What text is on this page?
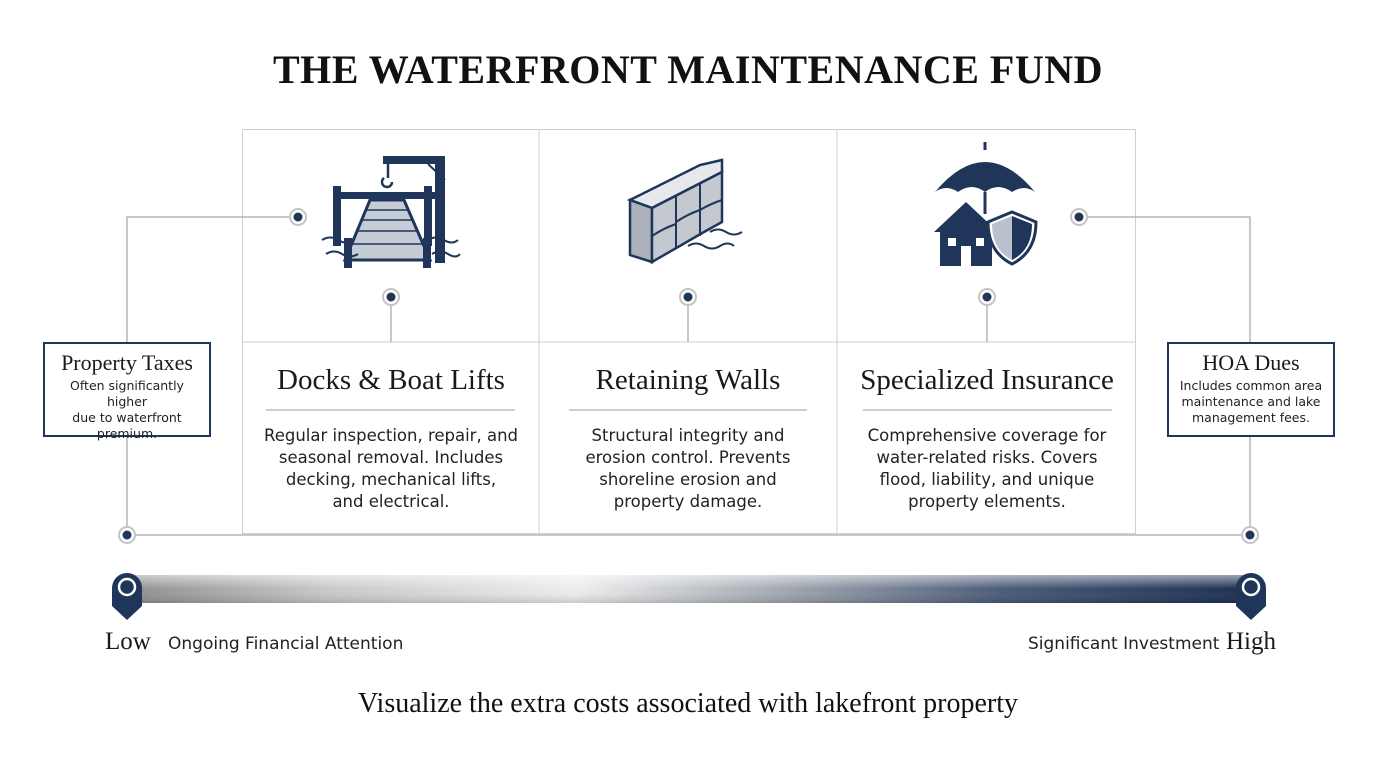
THE WATERFRONT MAINTENANCE FUND
Docks & Boat Lifts
Regular inspection, repair, and
seasonal removal. Includes
decking, mechanical lifts,
and electrical.
Retaining Walls
Structural integrity and
erosion control. Prevents
shoreline erosion and
property damage.
Specialized Insurance
Comprehensive coverage for
water-related risks. Covers
flood, liability, and unique
property elements.
Property Taxes
Often significantly higher
due to waterfront
premium.
HOA Dues
Includes common area
maintenance and lake
management fees.
Low Ongoing Financial Attention	Significant Investment High
Visualize the extra costs associated with lakefront property
